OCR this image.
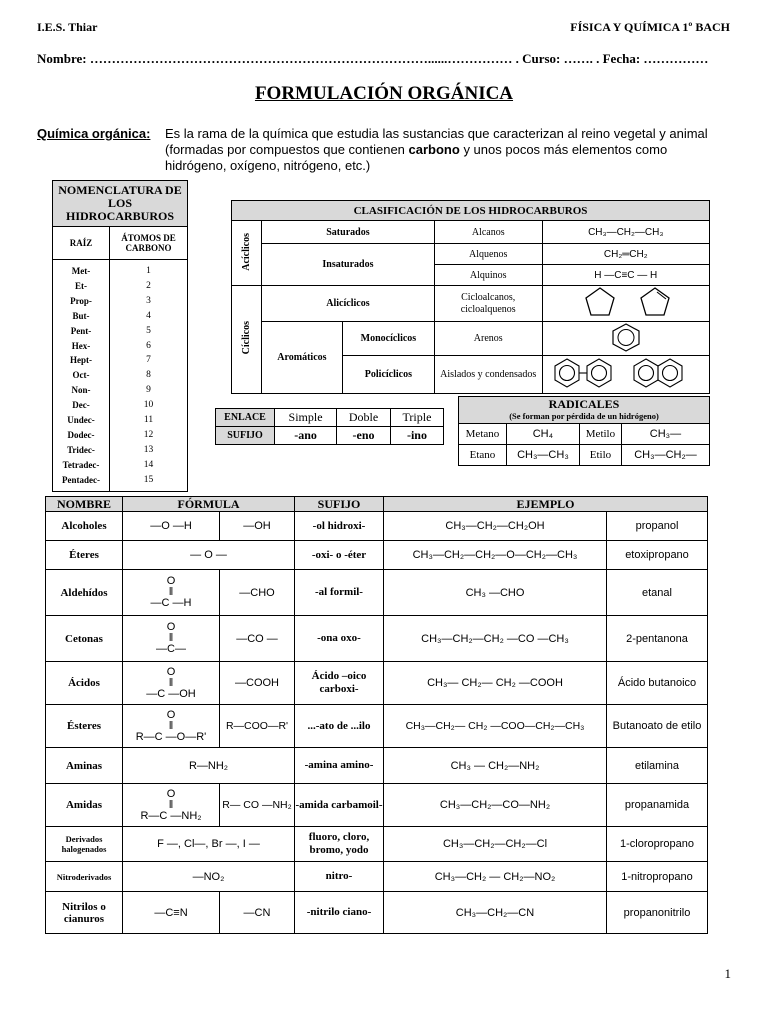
I.E.S. Thiar	FÍSICA Y QUÍMICA 1º BACH
Nombre: ……………………………………………………………………......…………… . Curso: ……. . Fecha: ……………
FORMULACIÓN ORGÁNICA
Química orgánica: Es la rama de la química que estudia las sustancias que caracterizan al reino vegetal y animal (formadas por compuestos que contienen carbono y unos pocos más elementos como hidrógeno, oxígeno, nitrógeno, etc.)
NOMENCLATURA DE LOS HIDROCARBUROS	
RAÍZ	ÁTOMOS DE CARBONO
Met-	1
Et-	2
Prop-	3
But-	4
Pent-	5
Hex-	6
Hept-	7
Oct-	8
Non-	9
Dec-	10
Undec-	11
Dodec-	12
Tridec-	13
Tetradec-	14
Pentadec-	15
CLASIFICACIÓN DE LOS HIDROCARBUROS				
Acíclicos	Saturados		Alcanos	CH₃—CH₂—CH₃
	Insaturados		Alquenos	CH₂═CH₂
			Alquinos	H —C≡C — H
Cíclicos	Alicíclicos		Cicloalcanos, cicloalquenos	
	Aromáticos	Monocíclicos	Arenos	
		Policíclicos	Aislados y condensados	
ENLACE	Simple	Doble	Triple
SUFIJO	-ano	-eno	-ino
RADICALES
(Se forman por pérdida de un hidrógeno)			

Metano	CH₄	Metilo	CH₃—
Etano	CH₃—CH₃	Etilo	CH₃—CH₂—
NOMBRE	FÓRMULA		SUFIJO	EJEMPLO	
Alcoholes	—O —H	—OH	-ol hidroxi-	CH₃—CH₂—CH₂OH	propanol
Éteres	— O —		-oxi- o -éter	CH₃—CH₂—CH₂—O—CH₂—CH₃	etoxipropano
Aldehídos	O
‖
—C —H	—CHO	-al formil-	CH₃ —CHO	etanal
Cetonas	O
‖
—C—	—CO —	-ona oxo-	CH₃—CH₂—CH₂ —CO —CH₃	2-pentanona
Ácidos	O
‖
—C —OH	—COOH	Ácido –oico carboxi-	CH₃— CH₂— CH₂ —COOH	Ácido butanoico
Ésteres	O
‖
R—C —O—R'	R—COO—R'	...-ato de ...ilo	CH₃—CH₂— CH₂ —COO—CH₂—CH₃	Butanoato de etilo
Aminas	R—NH₂		-amina amino-	CH₃ — CH₂—NH₂	etilamina
Amidas	O
‖
R—C —NH₂	R— CO —NH₂	-amida carbamoil-	CH₃—CH₂—CO—NH₂	propanamida
Derivados halogenados	F —, Cl—, Br —, I —		fluoro, cloro, bromo, yodo	CH₃—CH₂—CH₂—Cl	1-cloropropano
Nitroderivados	—NO₂		nitro-	CH₃—CH₂ — CH₂—NO₂	1-nitropropano
Nitrilos o cianuros	—C≡N	—CN	-nitrilo ciano-	CH₃—CH₂—CN	propanonitrilo
1
